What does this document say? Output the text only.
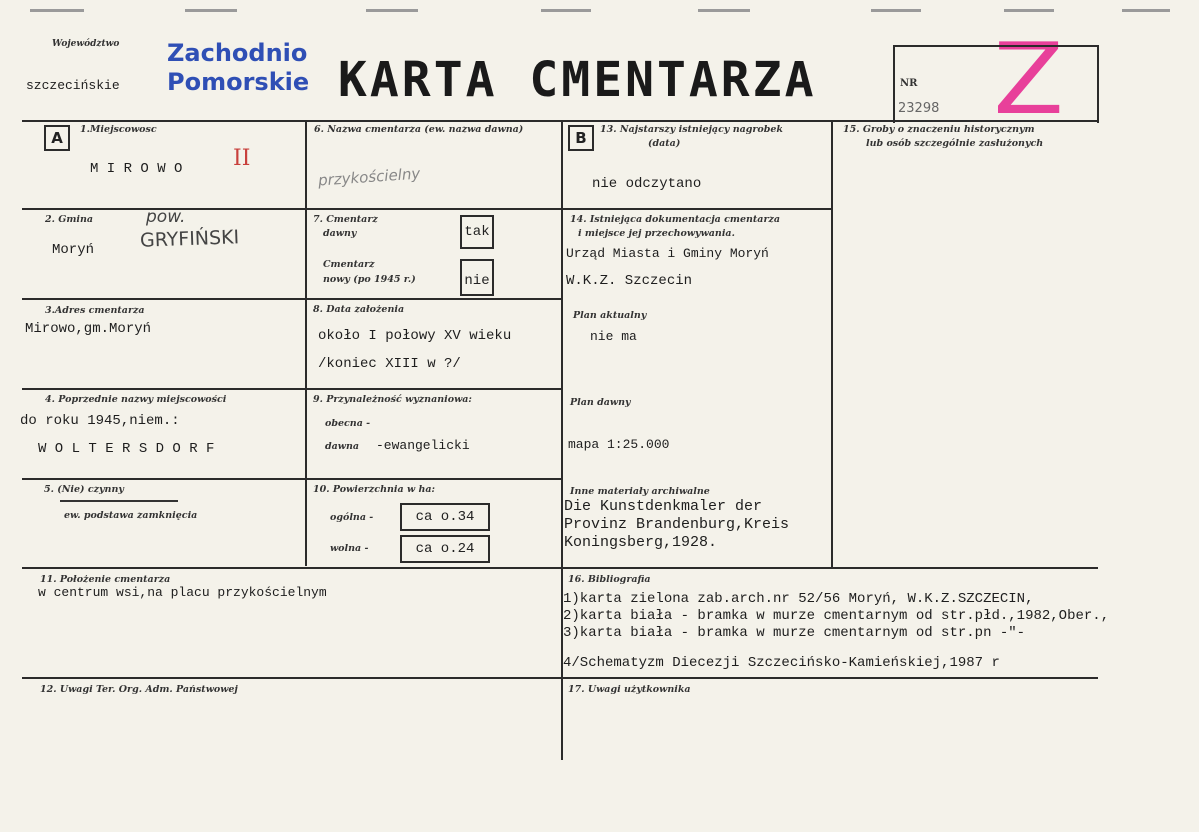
Województwo
szczecińskie
Zachodnio
Pomorskie KARTA CMENTARZA	NR
23298 Z
A	1.Miejscowosc
M I R O W O II
2. Gmina
Moryń
pow.
GRYFIŃSKI
3.Adres cmentarza
Mirowo,gm.Moryń
4. Poprzednie nazwy miejscowości
do roku 1945,niem.:
W O L T E R S D O R F
5. (Nie) czynny
ew. podstawa zamknięcia
6. Nazwa cmentarza (ew. nazwa dawna)
przykościelny
7. Cmentarz
dawny	tak
Cmentarz
nowy (po 1945 r.)	nie
8. Data założenia
około I połowy XV wieku
/koniec XIII w ?/
9. Przynależność wyznaniowa:
obecna -
dawna -ewangelicki
10. Powierzchnia w ha:
ogólna -	ca o.34
wolna -	ca o.24
B	13. Najstarszy istniejący nagrobek
(data)
nie odczytano
14. Istniejąca dokumentacja cmentarza
i miejsce jej przechowywania.
Urząd Miasta i Gminy Moryń
W.K.Z. Szczecin
Plan aktualny
nie ma
Plan dawny
mapa 1:25.000
Inne materiały archiwalne
Die Kunstdenkmaler der
Provinz Brandenburg,Kreis
Koningsberg,1928.
15. Groby o znaczeniu historycznym
lub osób szczególnie zasłużonych
11. Położenie cmentarza
w centrum wsi,na placu przykościelnym
16. Bibliografia
1)karta zielona zab.arch.nr 52/56 Moryń, W.K.Z.SZCZECIN,
2)karta biała - bramka w murze cmentarnym od str.płd.,1982,Ober.,
3)karta biała - bramka w murze cmentarnym od str.pn -"-
4/Schematyzm Diecezji Szczecińsko-Kamieńskiej,1987 r
12. Uwagi Ter. Org. Adm. Państwowej	17. Uwagi użytkownika
